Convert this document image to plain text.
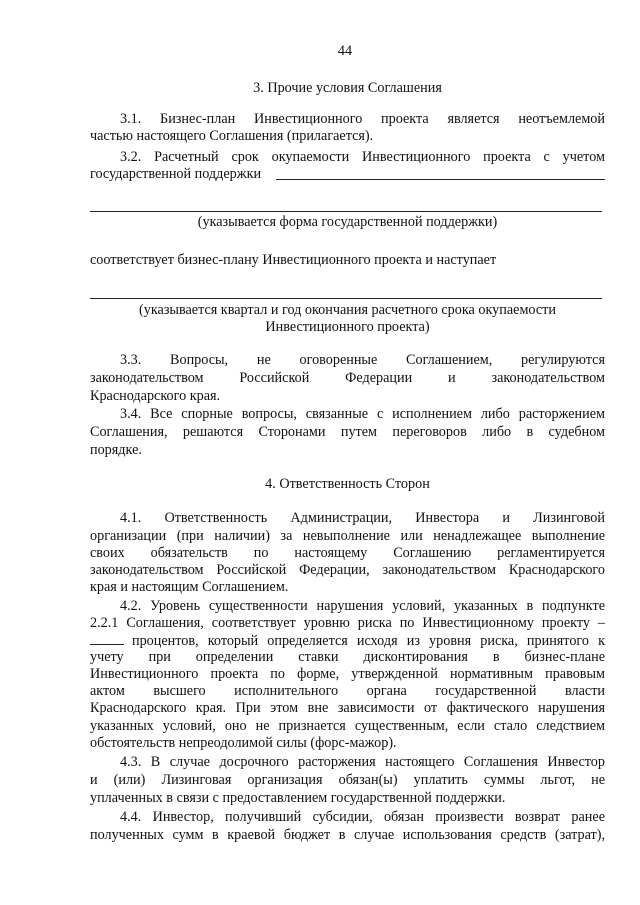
44
3. Прочие условия Соглашения
3.1. Бизнес-план Инвестиционного проекта является неотъемлемой
частью настоящего Соглашения (прилагается).
3.2. Расчетный срок окупаемости Инвестиционного проекта с учетом
государственной поддержки
(указывается форма государственной поддержки)
соответствует бизнес-плану Инвестиционного проекта и наступает
(указывается квартал и год окончания расчетного срока окупаемости
Инвестиционного проекта)
3.3. Вопросы, не оговоренные Соглашением, регулируются
законодательством Российской Федерации и законодательством
Краснодарского края.
3.4. Все спорные вопросы, связанные с исполнением либо расторжением
Соглашения, решаются Сторонами путем переговоров либо в судебном
порядке.
4. Ответственность Сторон
4.1. Ответственность Администрации, Инвестора и Лизинговой
организации (при наличии) за невыполнение или ненадлежащее выполнение
своих обязательств по настоящему Соглашению регламентируется
законодательством Российской Федерации, законодательством Краснодарского
края и настоящим Соглашением.
4.2. Уровень существенности нарушения условий, указанных в подпункте
2.2.1 Соглашения, соответствует уровню риска по Инвестиционному проекту –
процентов, который определяется исходя из уровня риска, принятого к
учету при определении ставки дисконтирования в бизнес-плане
Инвестиционного проекта по форме, утвержденной нормативным правовым
актом высшего исполнительного органа государственной власти
Краснодарского края. При этом вне зависимости от фактического нарушения
указанных условий, оно не признается существенным, если стало следствием
обстоятельств непреодолимой силы (форс-мажор).
4.3. В случае досрочного расторжения настоящего Соглашения Инвестор
и (или) Лизинговая организация обязан(ы) уплатить суммы льгот, не
уплаченных в связи с предоставлением государственной поддержки.
4.4. Инвестор, получивший субсидии, обязан произвести возврат ранее
полученных сумм в краевой бюджет в случае использования средств (затрат),
